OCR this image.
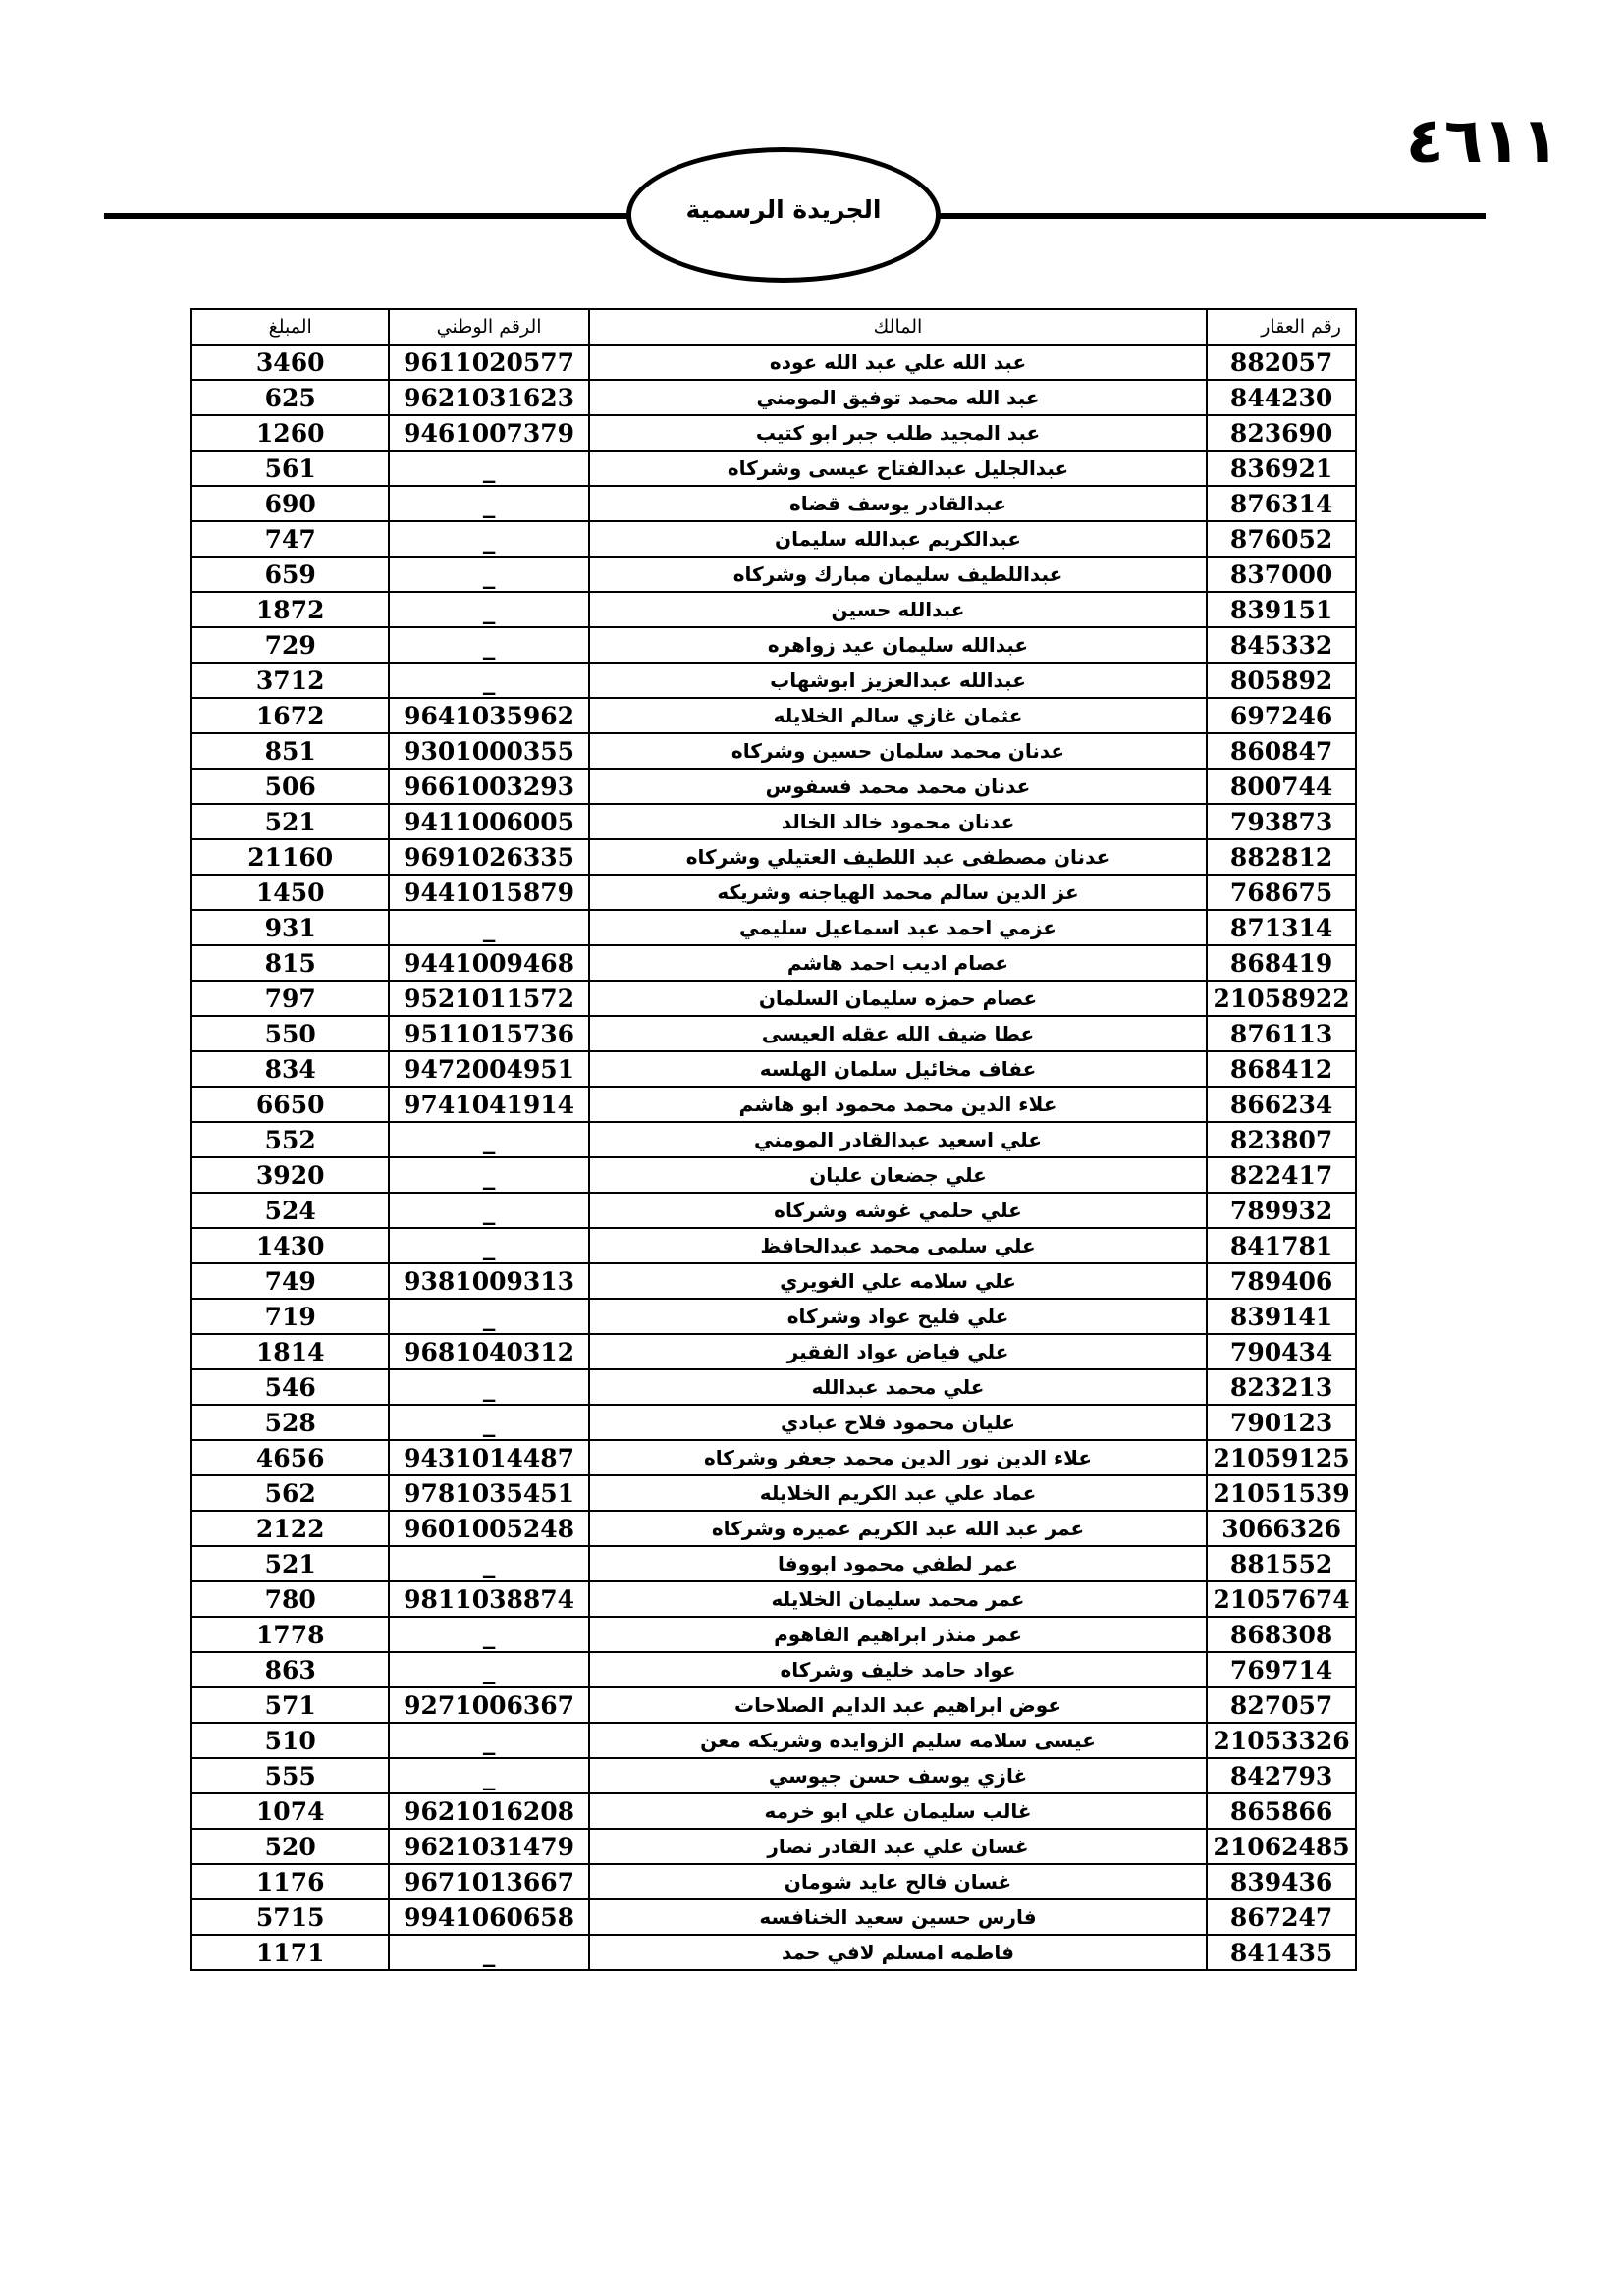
٤٦١١
الجريدة الرسمية
رقم العقار	المالك	الرقم الوطني	المبلغ
882057	عبد الله علي عبد الله عوده	9611020577	3460
844230	عبد الله محمد توفيق المومني	9621031623	625
823690	عبد المجيد طلب جبر ابو كتيب	9461007379	1260
836921	عبدالجليل عبدالفتاح عيسى وشركاه	_	561
876314	عبدالقادر يوسف قضاه	_	690
876052	عبدالكريم عبدالله سليمان	_	747
837000	عبداللطيف سليمان مبارك وشركاه	_	659
839151	عبدالله حسين	_	1872
845332	عبدالله سليمان عيد زواهره	_	729
805892	عبدالله عبدالعزيز ابوشهاب	_	3712
697246	عثمان غازي سالم الخلايله	9641035962	1672
860847	عدنان محمد سلمان حسين وشركاه	9301000355	851
800744	عدنان محمد محمد فسفوس	9661003293	506
793873	عدنان محمود خالد الخالد	9411006005	521
882812	عدنان مصطفى عبد اللطيف العتيلي وشركاه	9691026335	21160
768675	عز الدين سالم محمد الهياجنه وشريكه	9441015879	1450
871314	عزمي احمد عبد اسماعيل سليمي	_	931
868419	عصام اديب احمد هاشم	9441009468	815
21058922	عصام حمزه سليمان السلمان	9521011572	797
876113	عطا ضيف الله عقله العيسى	9511015736	550
868412	عفاف مخائيل سلمان الهلسه	9472004951	834
866234	علاء الدين محمد محمود ابو هاشم	9741041914	6650
823807	علي اسعيد عبدالقادر المومني	_	552
822417	علي جضعان عليان	_	3920
789932	علي حلمي غوشه وشركاه	_	524
841781	علي سلمى محمد عبدالحافظ	_	1430
789406	علي سلامه علي الغويري	9381009313	749
839141	علي فليح عواد وشركاه	_	719
790434	علي فياض عواد الفقير	9681040312	1814
823213	علي محمد عبدالله	_	546
790123	عليان محمود فلاح عبادي	_	528
21059125	علاء الدين نور الدين محمد جعفر وشركاه	9431014487	4656
21051539	عماد علي عبد الكريم الخلايله	9781035451	562
3066326	عمر عبد الله عبد الكريم عميره وشركاه	9601005248	2122
881552	عمر لطفي محمود ابووفا	_	521
21057674	عمر محمد سليمان الخلايله	9811038874	780
868308	عمر منذر ابراهيم الفاهوم	_	1778
769714	عواد حامد خليف وشركاه	_	863
827057	عوض ابراهيم عبد الدايم الصلاحات	9271006367	571
21053326	عيسى سلامه سليم الزوايده وشريكه معن	_	510
842793	غازي يوسف حسن جيوسي	_	555
865866	غالب سليمان علي ابو خرمه	9621016208	1074
21062485	غسان علي عبد القادر نصار	9621031479	520
839436	غسان فالح عايد شومان	9671013667	1176
867247	فارس حسين سعيد الخنافسه	9941060658	5715
841435	فاطمه امسلم لافي حمد	_	1171
